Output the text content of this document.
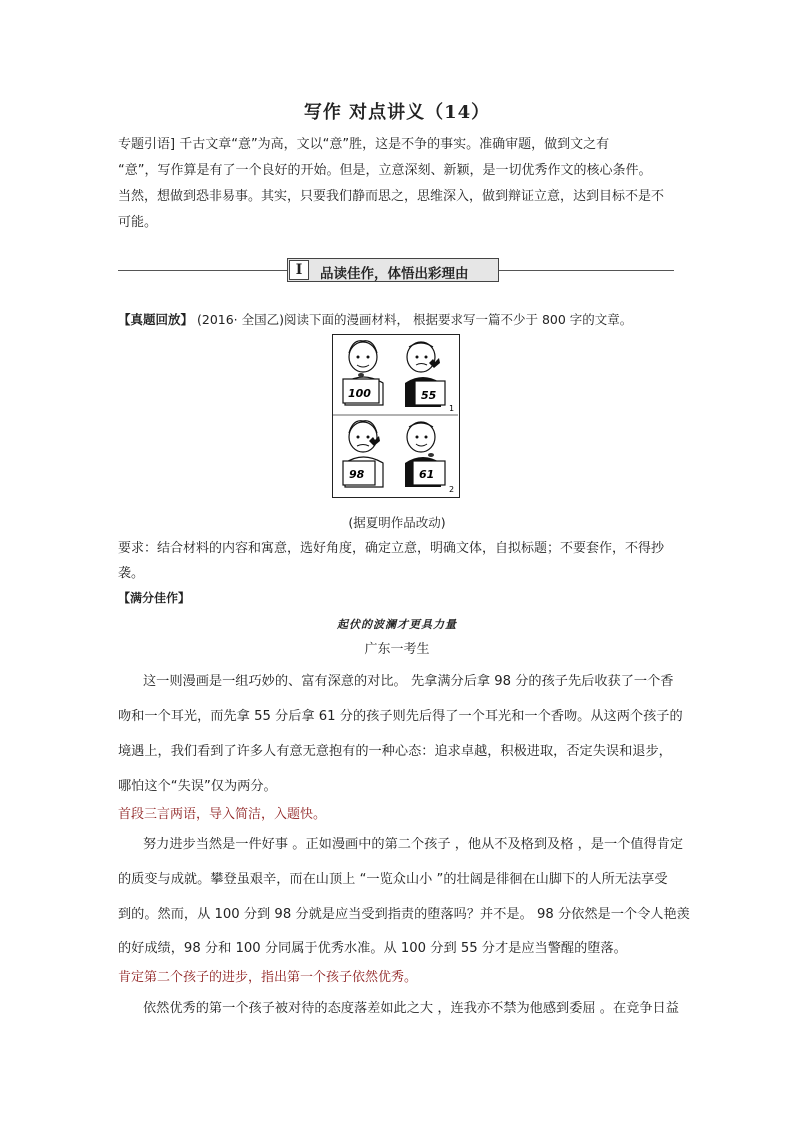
写作 对点讲义（14）
专题引语] 千古文章“意”为高，文以“意”胜，这是不争的事实。准确审题，做到文之有
“意”，写作算是有了一个良好的开始。但是，立意深刻、新颖，是一切优秀作文的核心条件。
当然，想做到恐非易事。其实，只要我们静而思之，思维深入，做到辩证立意，达到目标不是不
可能。
I	品读佳作，体悟出彩理由
【真题回放】 (2016· 全国乙)阅读下面的漫画材料， 根据要求写一篇不少于 800 字的文章。
100	55
98	61
1
2
(据夏明作品改动)
要求：结合材料的内容和寓意，选好角度，确定立意，明确文体，自拟标题；不要套作，不得抄
袭。
【满分佳作】
起伏的波澜才更具力量
广东一考生
这一则漫画是一组巧妙的、富有深意的对比。 先拿满分后拿 98 分的孩子先后收获了一个香
吻和一个耳光，而先拿 55 分后拿 61 分的孩子则先后得了一个耳光和一个香吻。从这两个孩子的
境遇上，我们看到了许多人有意无意抱有的一种心态：追求卓越，积极进取，否定失误和退步，
哪怕这个“失误”仅为两分。
首段三言两语，导入简洁，入题快。
努力进步当然是一件好事 。正如漫画中的第二个孩子 ，他从不及格到及格 ，是一个值得肯定
的质变与成就。攀登虽艰辛，而在山顶上 “一览众山小 ”的壮阔是徘徊在山脚下的人所无法享受
到的。然而，从 100 分到 98 分就是应当受到指责的堕落吗？并不是。 98 分依然是一个令人艳羡
的好成绩，98 分和 100 分同属于优秀水准。从 100 分到 55 分才是应当警醒的堕落。
肯定第二个孩子的进步，指出第一个孩子依然优秀。
依然优秀的第一个孩子被对待的态度落差如此之大 ，连我亦不禁为他感到委屈 。在竞争日益
